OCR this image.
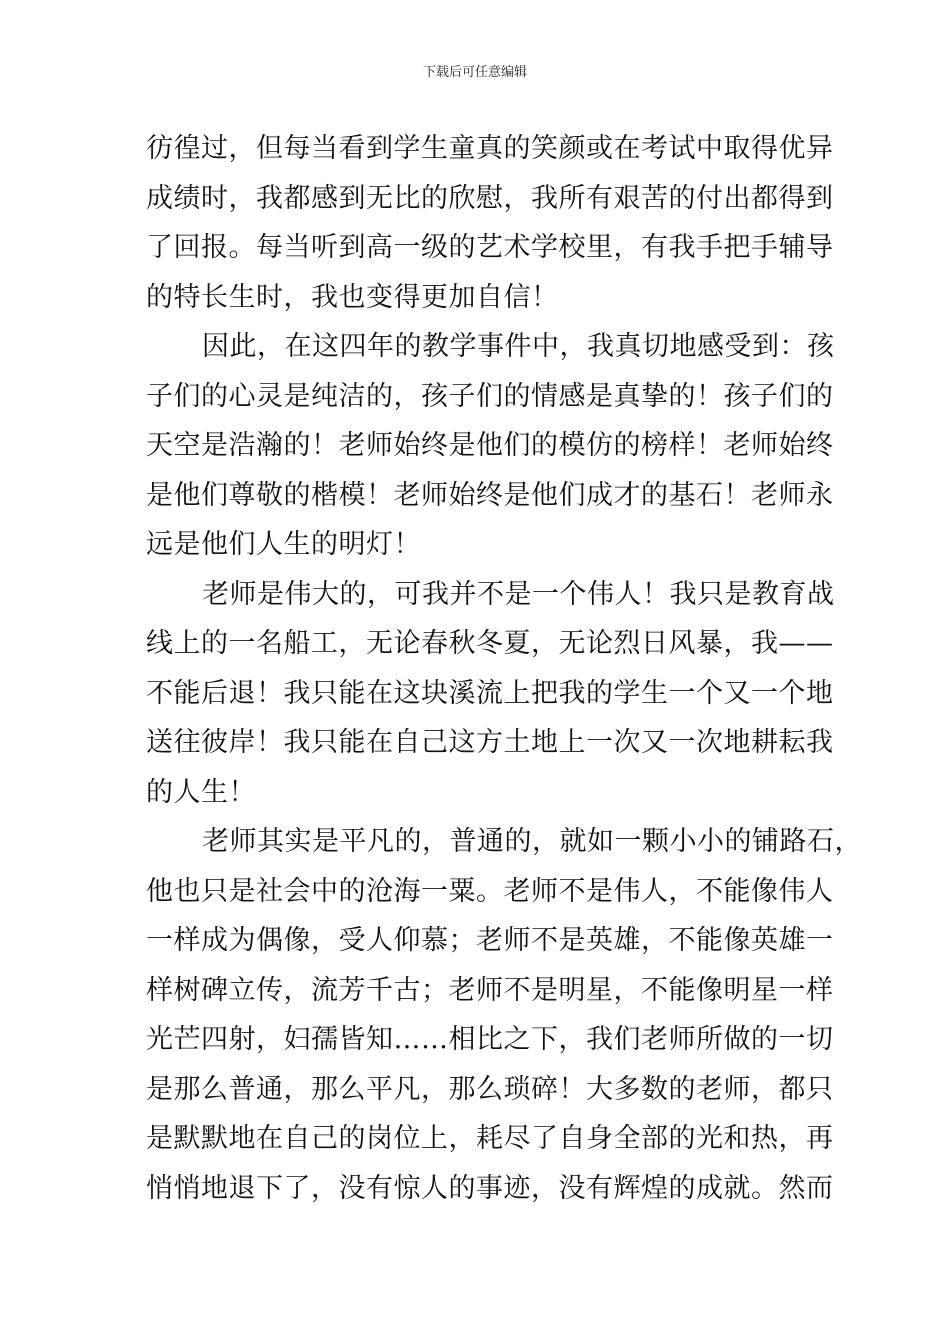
下载后可任意编辑
彷徨过，但每当看到学生童真的笑颜或在考试中取得优异
成绩时，我都感到无比的欣慰，我所有艰苦的付出都得到
了回报。每当听到高一级的艺术学校里，有我手把手辅导
的特长生时，我也变得更加自信！
因此，在这四年的教学事件中，我真切地感受到：孩
子们的心灵是纯洁的，孩子们的情感是真挚的！孩子们的
天空是浩瀚的！老师始终是他们的模仿的榜样！老师始终
是他们尊敬的楷模！老师始终是他们成才的基石！老师永
远是他们人生的明灯！
老师是伟大的，可我并不是一个伟人！我只是教育战
线上的一名船工，无论春秋冬夏，无论烈日风暴，我——
不能后退！我只能在这块溪流上把我的学生一个又一个地
送往彼岸！我只能在自己这方土地上一次又一次地耕耘我
的人生！
老师其实是平凡的，普通的，就如一颗小小的铺路石，
他也只是社会中的沧海一粟。老师不是伟人，不能像伟人
一样成为偶像，受人仰慕；老师不是英雄，不能像英雄一
样树碑立传，流芳千古；老师不是明星，不能像明星一样
光芒四射，妇孺皆知……相比之下，我们老师所做的一切
是那么普通，那么平凡，那么琐碎！大多数的老师，都只
是默默地在自己的岗位上，耗尽了自身全部的光和热，再
悄悄地退下了，没有惊人的事迹，没有辉煌的成就。然而
